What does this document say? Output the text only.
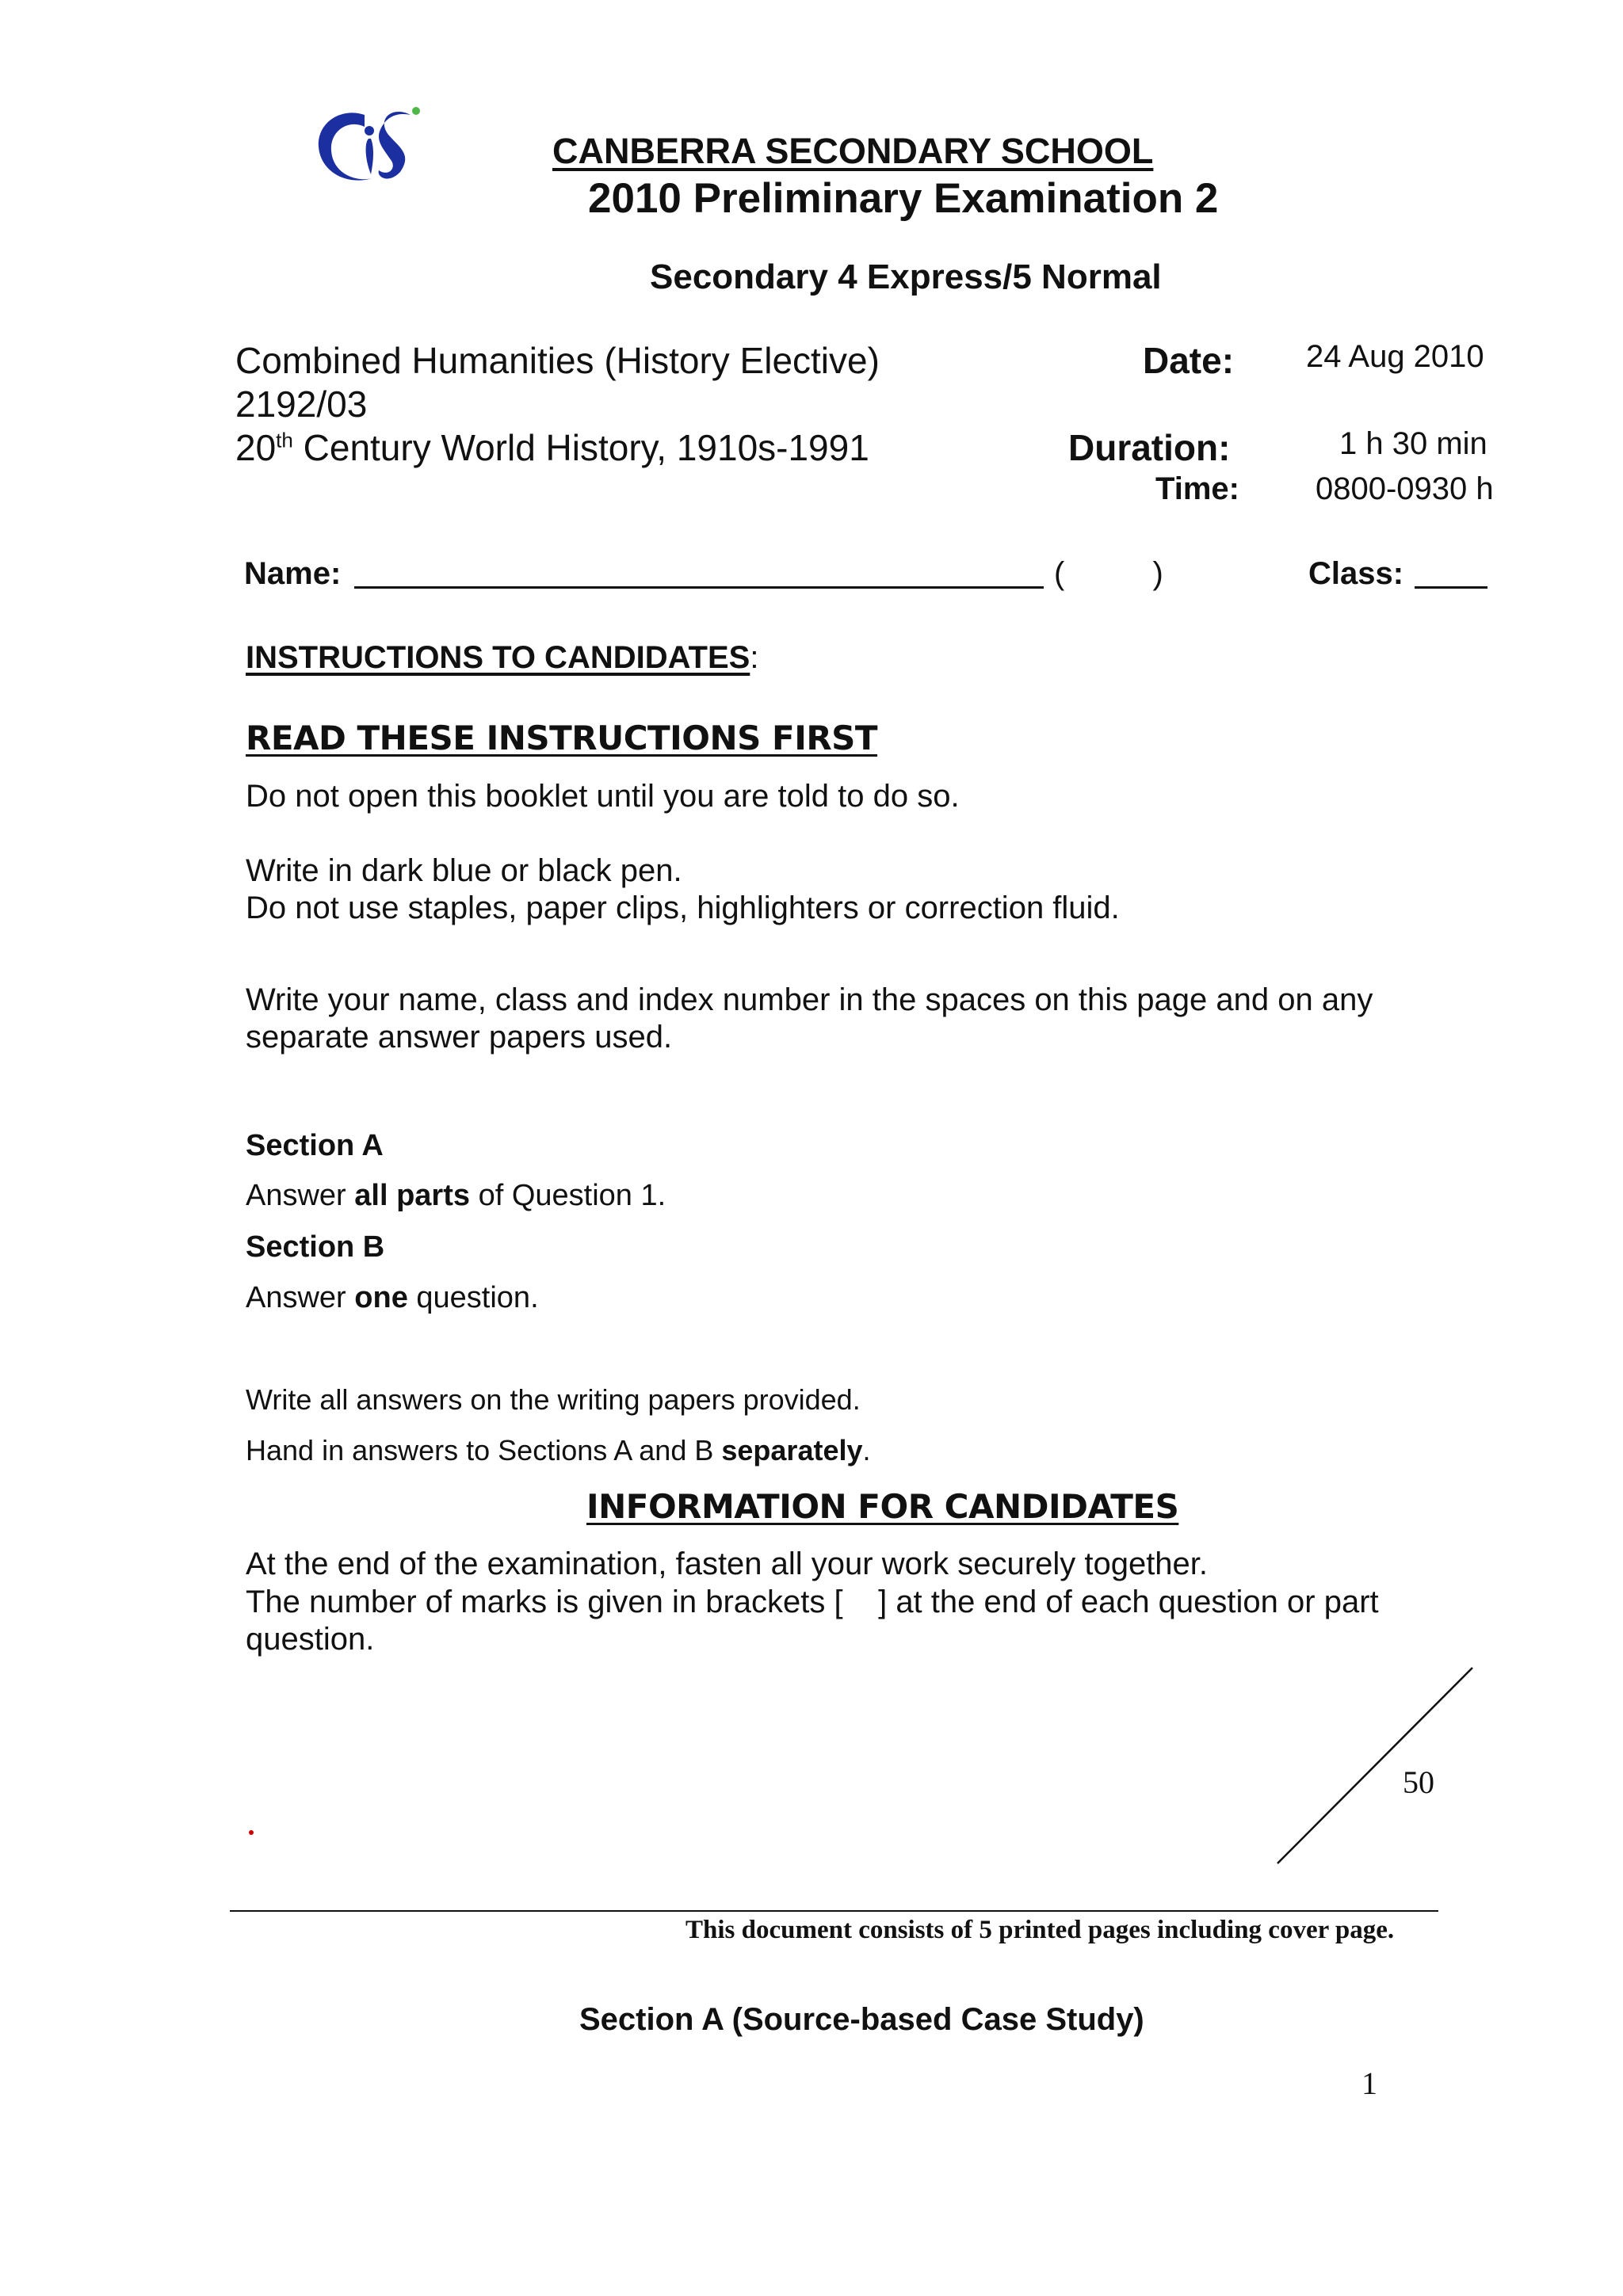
CANBERRA SECONDARY SCHOOL
2010 Preliminary Examination 2
Secondary 4 Express/5 Normal
Combined Humanities (History Elective)
2192/03
20th Century World History, 1910s-1991
Date: 24 Aug 2010
Duration:	1 h 30 min
Time: 0800-0930 h
Name:	(          )	Class:
INSTRUCTIONS TO CANDIDATES:
READ THESE INSTRUCTIONS FIRST
Do not open this booklet until you are told to do so.
Write in dark blue or black pen.
Do not use staples, paper clips, highlighters or correction fluid.
Write your name, class and index number in the spaces on this page and on any
separate answer papers used.
Section A
Answer all parts of Question 1.
Section B
Answer one question.
Write all answers on the writing papers provided.
Hand in answers to Sections A and B separately.
INFORMATION FOR CANDIDATES
At the end of the examination, fasten all your work securely together.
The number of marks is given in brackets [    ] at the end of each question or part
question.
50
This document consists of 5 printed pages including cover page.
Section A (Source-based Case Study)
1
